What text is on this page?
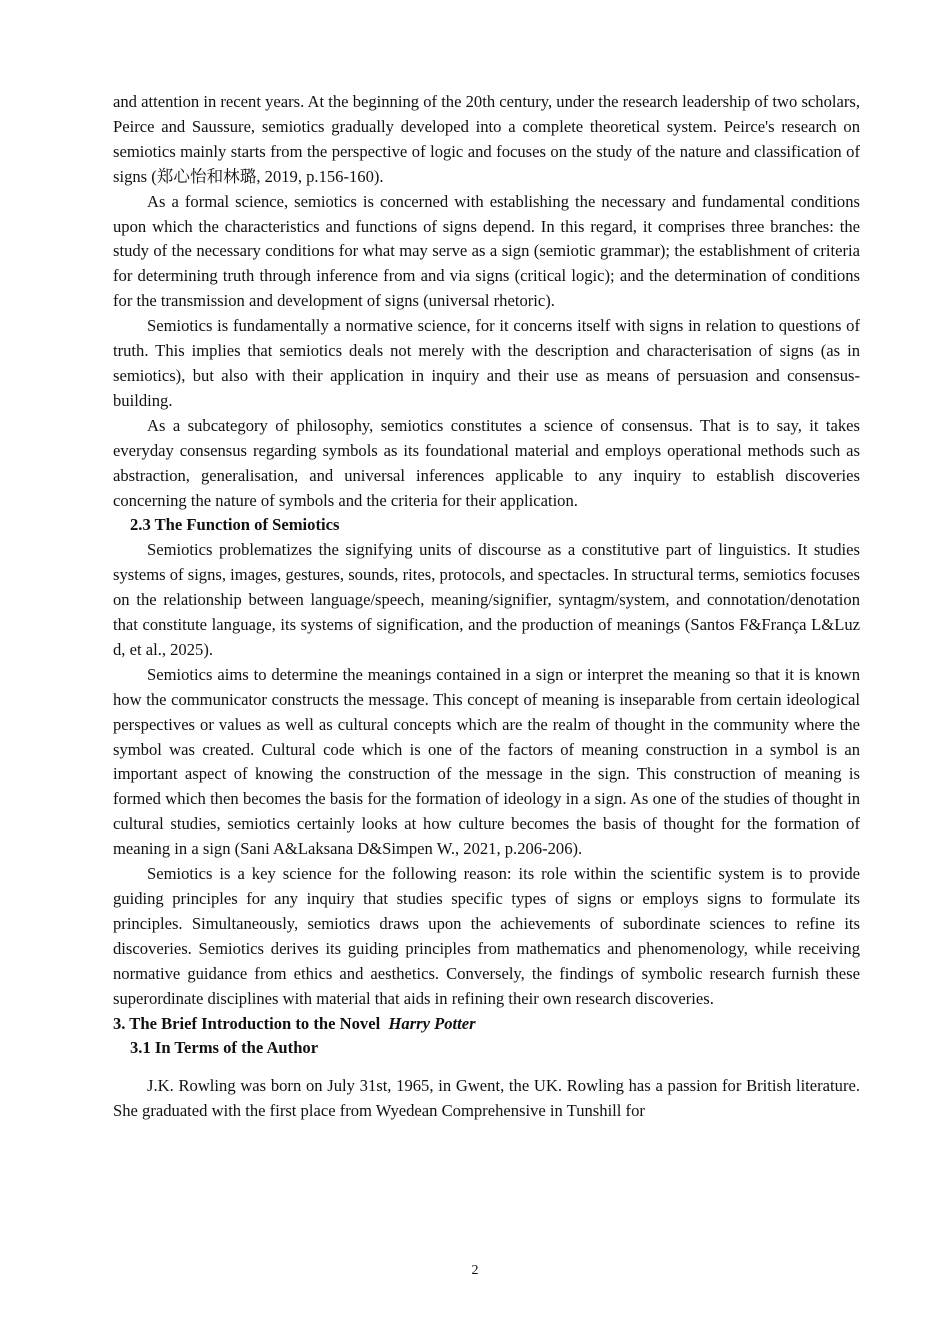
and attention in recent years. At the beginning of the 20th century, under the research leadership of two scholars, Peirce and Saussure, semiotics gradually developed into a complete theoretical system. Peirce's research on semiotics mainly starts from the perspective of logic and focuses on the study of the nature and classification of signs (郑心怡和林璐, 2019, p.156-160).

As a formal science, semiotics is concerned with establishing the necessary and fundamental conditions upon which the characteristics and functions of signs depend. In this regard, it comprises three branches: the study of the necessary conditions for what may serve as a sign (semiotic grammar); the establishment of criteria for determining truth through inference from and via signs (critical logic); and the determination of conditions for the transmission and development of signs (universal rhetoric).

Semiotics is fundamentally a normative science, for it concerns itself with signs in relation to questions of truth. This implies that semiotics deals not merely with the description and characterisation of signs (as in semiotics), but also with their application in inquiry and their use as means of persuasion and consensus-building.

As a subcategory of philosophy, semiotics constitutes a science of consensus. That is to say, it takes everyday consensus regarding symbols as its foundational material and employs operational methods such as abstraction, generalisation, and universal inferences applicable to any inquiry to establish discoveries concerning the nature of symbols and the criteria for their application.

2.3 The Function of Semiotics

Semiotics problematizes the signifying units of discourse as a constitutive part of linguistics. It studies systems of signs, images, gestures, sounds, rites, protocols, and spectacles. In structural terms, semiotics focuses on the relationship between language/speech, meaning/signifier, syntagm/system, and connotation/denotation that constitute language, its systems of signification, and the production of meanings (Santos F&França L&Luz d, et al., 2025).

Semiotics aims to determine the meanings contained in a sign or interpret the meaning so that it is known how the communicator constructs the message. This concept of meaning is inseparable from certain ideological perspectives or values as well as cultural concepts which are the realm of thought in the community where the symbol was created. Cultural code which is one of the factors of meaning construction in a symbol is an important aspect of knowing the construction of the message in the sign. This construction of meaning is formed which then becomes the basis for the formation of ideology in a sign. As one of the studies of thought in cultural studies, semiotics certainly looks at how culture becomes the basis of thought for the formation of meaning in a sign (Sani A&Laksana D&Simpen W., 2021, p.206-206).

Semiotics is a key science for the following reason: its role within the scientific system is to provide guiding principles for any inquiry that studies specific types of signs or employs signs to formulate its principles. Simultaneously, semiotics draws upon the achievements of subordinate sciences to refine its discoveries. Semiotics derives its guiding principles from mathematics and phenomenology, while receiving normative guidance from ethics and aesthetics. Conversely, the findings of symbolic research furnish these superordinate disciplines with material that aids in refining their own research discoveries.

3. The Brief Introduction to the Novel Harry Potter
3.1 In Terms of the Author

J.K. Rowling was born on July 31st, 1965, in Gwent, the UK. Rowling has a passion for British literature. She graduated with the first place from Wyedean Comprehensive in Tunshill for

2
